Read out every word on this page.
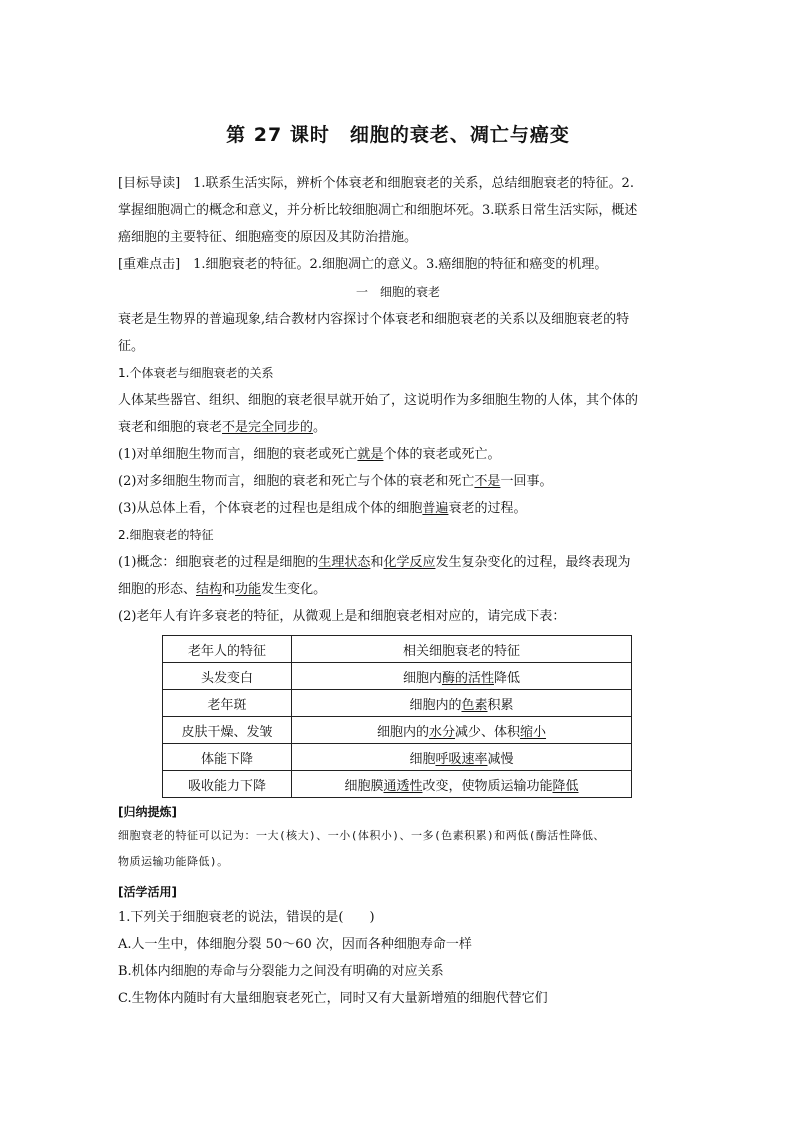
第 27 课时　细胞的衰老、凋亡与癌变

[目标导读]　1.联系生活实际，辨析个体衰老和细胞衰老的关系，总结细胞衰老的特征。2.

掌握细胞凋亡的概念和意义，并分析比较细胞凋亡和细胞坏死。3.联系日常生活实际，概述

癌细胞的主要特征、细胞癌变的原因及其防治措施。

[重难点击]　1.细胞衰老的特征。2.细胞凋亡的意义。3.癌细胞的特征和癌变的机理。

一　细胞的衰老

衰老是生物界的普遍现象,结合教材内容探讨个体衰老和细胞衰老的关系以及细胞衰老的特

征。

1.个体衰老与细胞衰老的关系

人体某些器官、组织、细胞的衰老很早就开始了，这说明作为多细胞生物的人体，其个体的

衰老和细胞的衰老不是完全同步的。

(1)对单细胞生物而言，细胞的衰老或死亡就是个体的衰老或死亡。

(2)对多细胞生物而言，细胞的衰老和死亡与个体的衰老和死亡不是一回事。

(3)从总体上看，个体衰老的过程也是组成个体的细胞普遍衰老的过程。

2.细胞衰老的特征

(1)概念：细胞衰老的过程是细胞的生理状态和化学反应发生复杂变化的过程，最终表现为

细胞的形态、结构和功能发生变化。

(2)老年人有许多衰老的特征，从微观上是和细胞衰老相对应的，请完成下表：

老年人的特征	相关细胞衰老的特征
头发变白	细胞内酶的活性降低
老年斑	细胞内的色素积累
皮肤干燥、发皱	细胞内的水分减少、体积缩小
体能下降	细胞呼吸速率减慢
吸收能力下降	细胞膜通透性改变，使物质运输功能降低

[归纳提炼]

细胞衰老的特征可以记为：一大(核大)、一小(体积小)、一多(色素积累)和两低(酶活性降低、

物质运输功能降低)。

[活学活用]

1.下列关于细胞衰老的说法，错误的是(　　)

A.人一生中，体细胞分裂 50～60 次，因而各种细胞寿命一样

B.机体内细胞的寿命与分裂能力之间没有明确的对应关系

C.生物体内随时有大量细胞衰老死亡，同时又有大量新增殖的细胞代替它们
